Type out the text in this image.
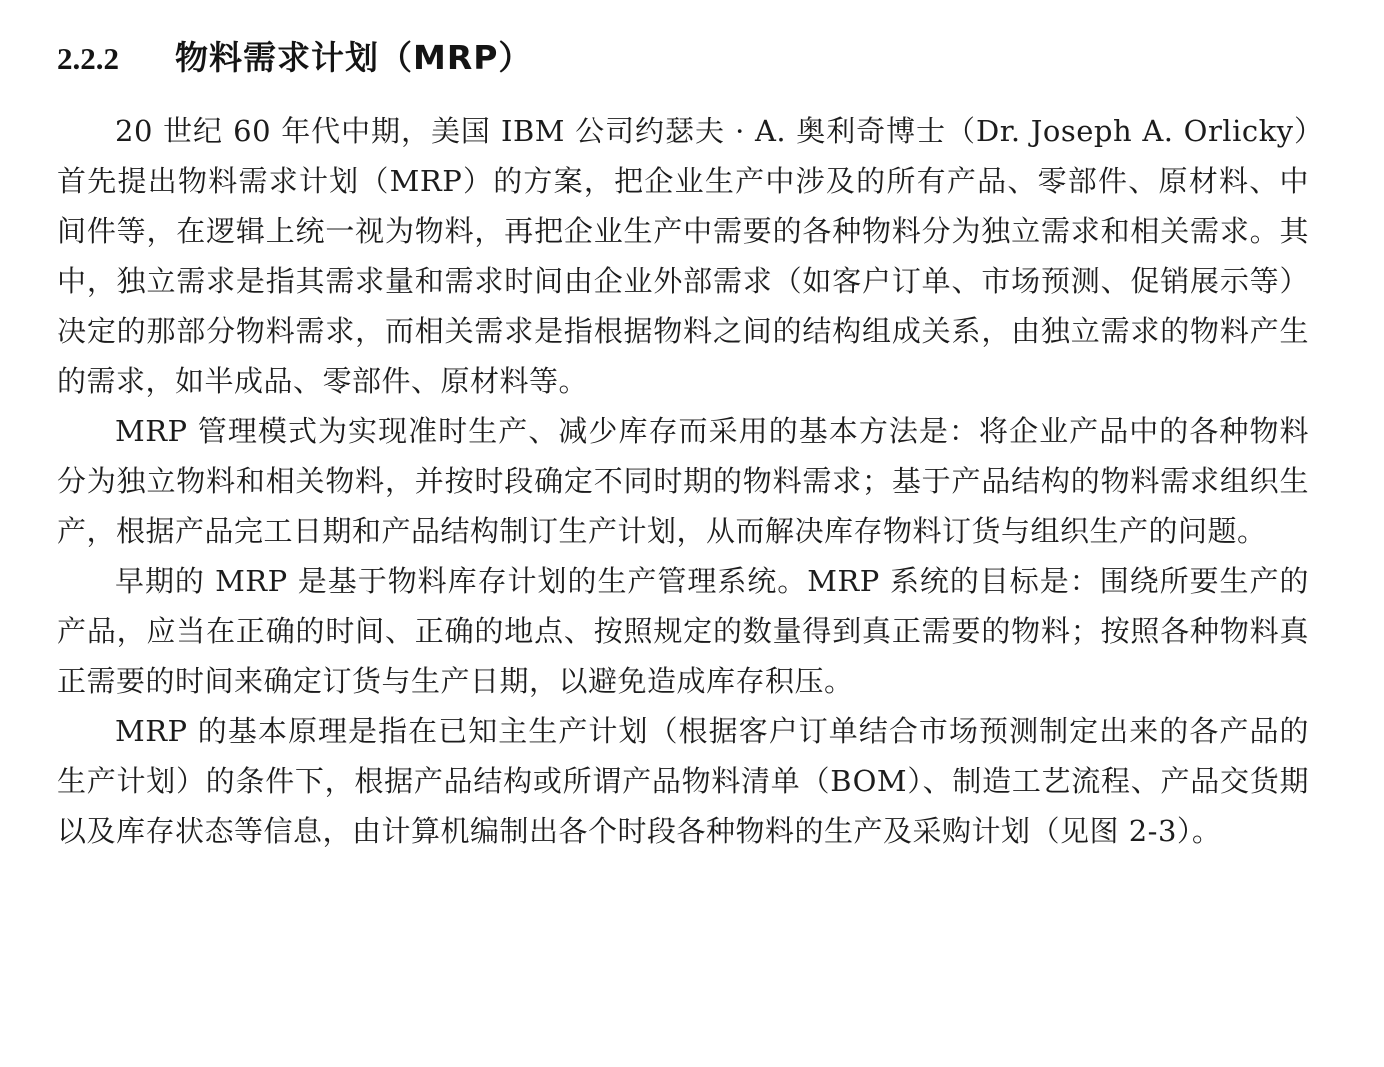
2.2.2	物料需求计划（MRP）

20 世纪 60 年代中期，美国 IBM 公司约瑟夫 · A. 奥利奇博士（Dr. Joseph A. Orlicky）首先提出物料需求计划（MRP）的方案，把企业生产中涉及的所有产品、零部件、原材料、中间件等，在逻辑上统一视为物料，再把企业生产中需要的各种物料分为独立需求和相关需求。其中，独立需求是指其需求量和需求时间由企业外部需求（如客户订单、市场预测、促销展示等）决定的那部分物料需求，而相关需求是指根据物料之间的结构组成关系，由独立需求的物料产生的需求，如半成品、零部件、原材料等。

MRP 管理模式为实现准时生产、减少库存而采用的基本方法是：将企业产品中的各种物料分为独立物料和相关物料，并按时段确定不同时期的物料需求；基于产品结构的物料需求组织生产，根据产品完工日期和产品结构制订生产计划，从而解决库存物料订货与组织生产的问题。

早期的 MRP 是基于物料库存计划的生产管理系统。MRP 系统的目标是：围绕所要生产的产品，应当在正确的时间、正确的地点、按照规定的数量得到真正需要的物料；按照各种物料真正需要的时间来确定订货与生产日期，以避免造成库存积压。

MRP 的基本原理是指在已知主生产计划（根据客户订单结合市场预测制定出来的各产品的生产计划）的条件下，根据产品结构或所谓产品物料清单（BOM）、制造工艺流程、产品交货期以及库存状态等信息，由计算机编制出各个时段各种物料的生产及采购计划（见图 2-3）。
